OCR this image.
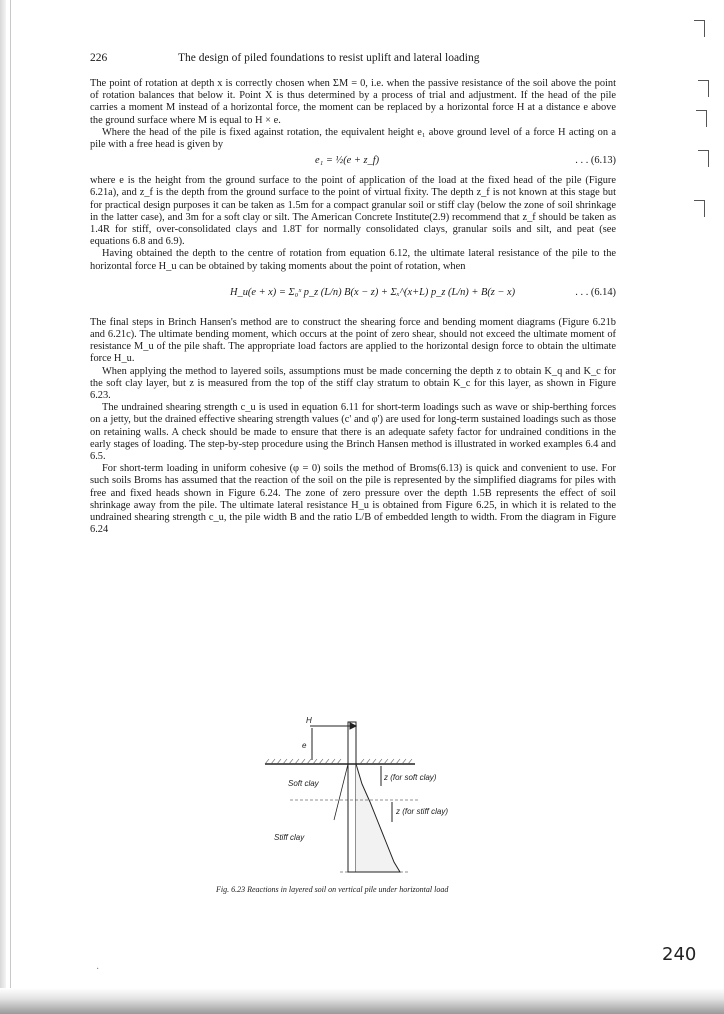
226	The design of piled foundations to resist uplift and lateral loading

The point of rotation at depth x is correctly chosen when ΣM = 0, i.e. when the passive resistance of the soil above the point of rotation balances that below it. Point X is thus determined by a process of trial and adjustment. If the head of the pile carries a moment M instead of a horizontal force, the moment can be replaced by a horizontal force H at a distance e above the ground surface where M is equal to H × e.

Where the head of the pile is fixed against rotation, the equivalent height e₁ above ground level of a force H acting on a pile with a free head is given by

e₁ = ½(e + z_f)	. . . (6.13)

where e is the height from the ground surface to the point of application of the load at the fixed head of the pile (Figure 6.21a), and z_f is the depth from the ground surface to the point of virtual fixity. The depth z_f is not known at this stage but for practical design purposes it can be taken as 1.5m for a compact granular soil or stiff clay (below the zone of soil shrinkage in the latter case), and 3m for a soft clay or silt. The American Concrete Institute(2.9) recommend that z_f should be taken as 1.4R for stiff, over-consolidated clays and 1.8T for normally consolidated clays, granular soils and silt, and peat (see equations 6.8 and 6.9).

Having obtained the depth to the centre of rotation from equation 6.12, the ultimate lateral resistance of the pile to the horizontal force H_u can be obtained by taking moments about the point of rotation, when

H_u(e + x) = Σ₀ˣ p_z (L/n) B(x − z) + Σₓ^(x+L) p_z (L/n) + B(z − x)	. . . (6.14)

The final steps in Brinch Hansen's method are to construct the shearing force and bending moment diagrams (Figure 6.21b and 6.21c). The ultimate bending moment, which occurs at the point of zero shear, should not exceed the ultimate moment of resistance M_u of the pile shaft. The appropriate load factors are applied to the horizontal design force to obtain the ultimate force H_u.

When applying the method to layered soils, assumptions must be made concerning the depth z to obtain K_q and K_c for the soft clay layer, but z is measured from the top of the stiff clay stratum to obtain K_c for this layer, as shown in Figure 6.23.

The undrained shearing strength c_u is used in equation 6.11 for short-term loadings such as wave or ship-berthing forces on a jetty, but the drained effective shearing strength values (c' and φ') are used for long-term sustained loadings such as those on retaining walls. A check should be made to ensure that there is an adequate safety factor for undrained conditions in the early stages of loading. The step-by-step procedure using the Brinch Hansen method is illustrated in worked examples 6.4 and 6.5.

For short-term loading in uniform cohesive (φ = 0) soils the method of Broms(6.13) is quick and convenient to use. For such soils Broms has assumed that the reaction of the soil on the pile is represented by the simplified diagrams for piles with free and fixed heads shown in Figure 6.24. The zone of zero pressure over the depth 1.5B represents the effect of soil shrinkage away from the pile. The ultimate lateral resistance H_u is obtained from Figure 6.25, in which it is related to the undrained shearing strength c_u, the pile width B and the ratio L/B of embedded length to width. From the diagram in Figure 6.24

H
e
Soft clay
Stiff clay
z (for soft clay)
z (for stiff clay)
Fig. 6.23 Reactions in layered soil on vertical pile under horizontal load
240
·
